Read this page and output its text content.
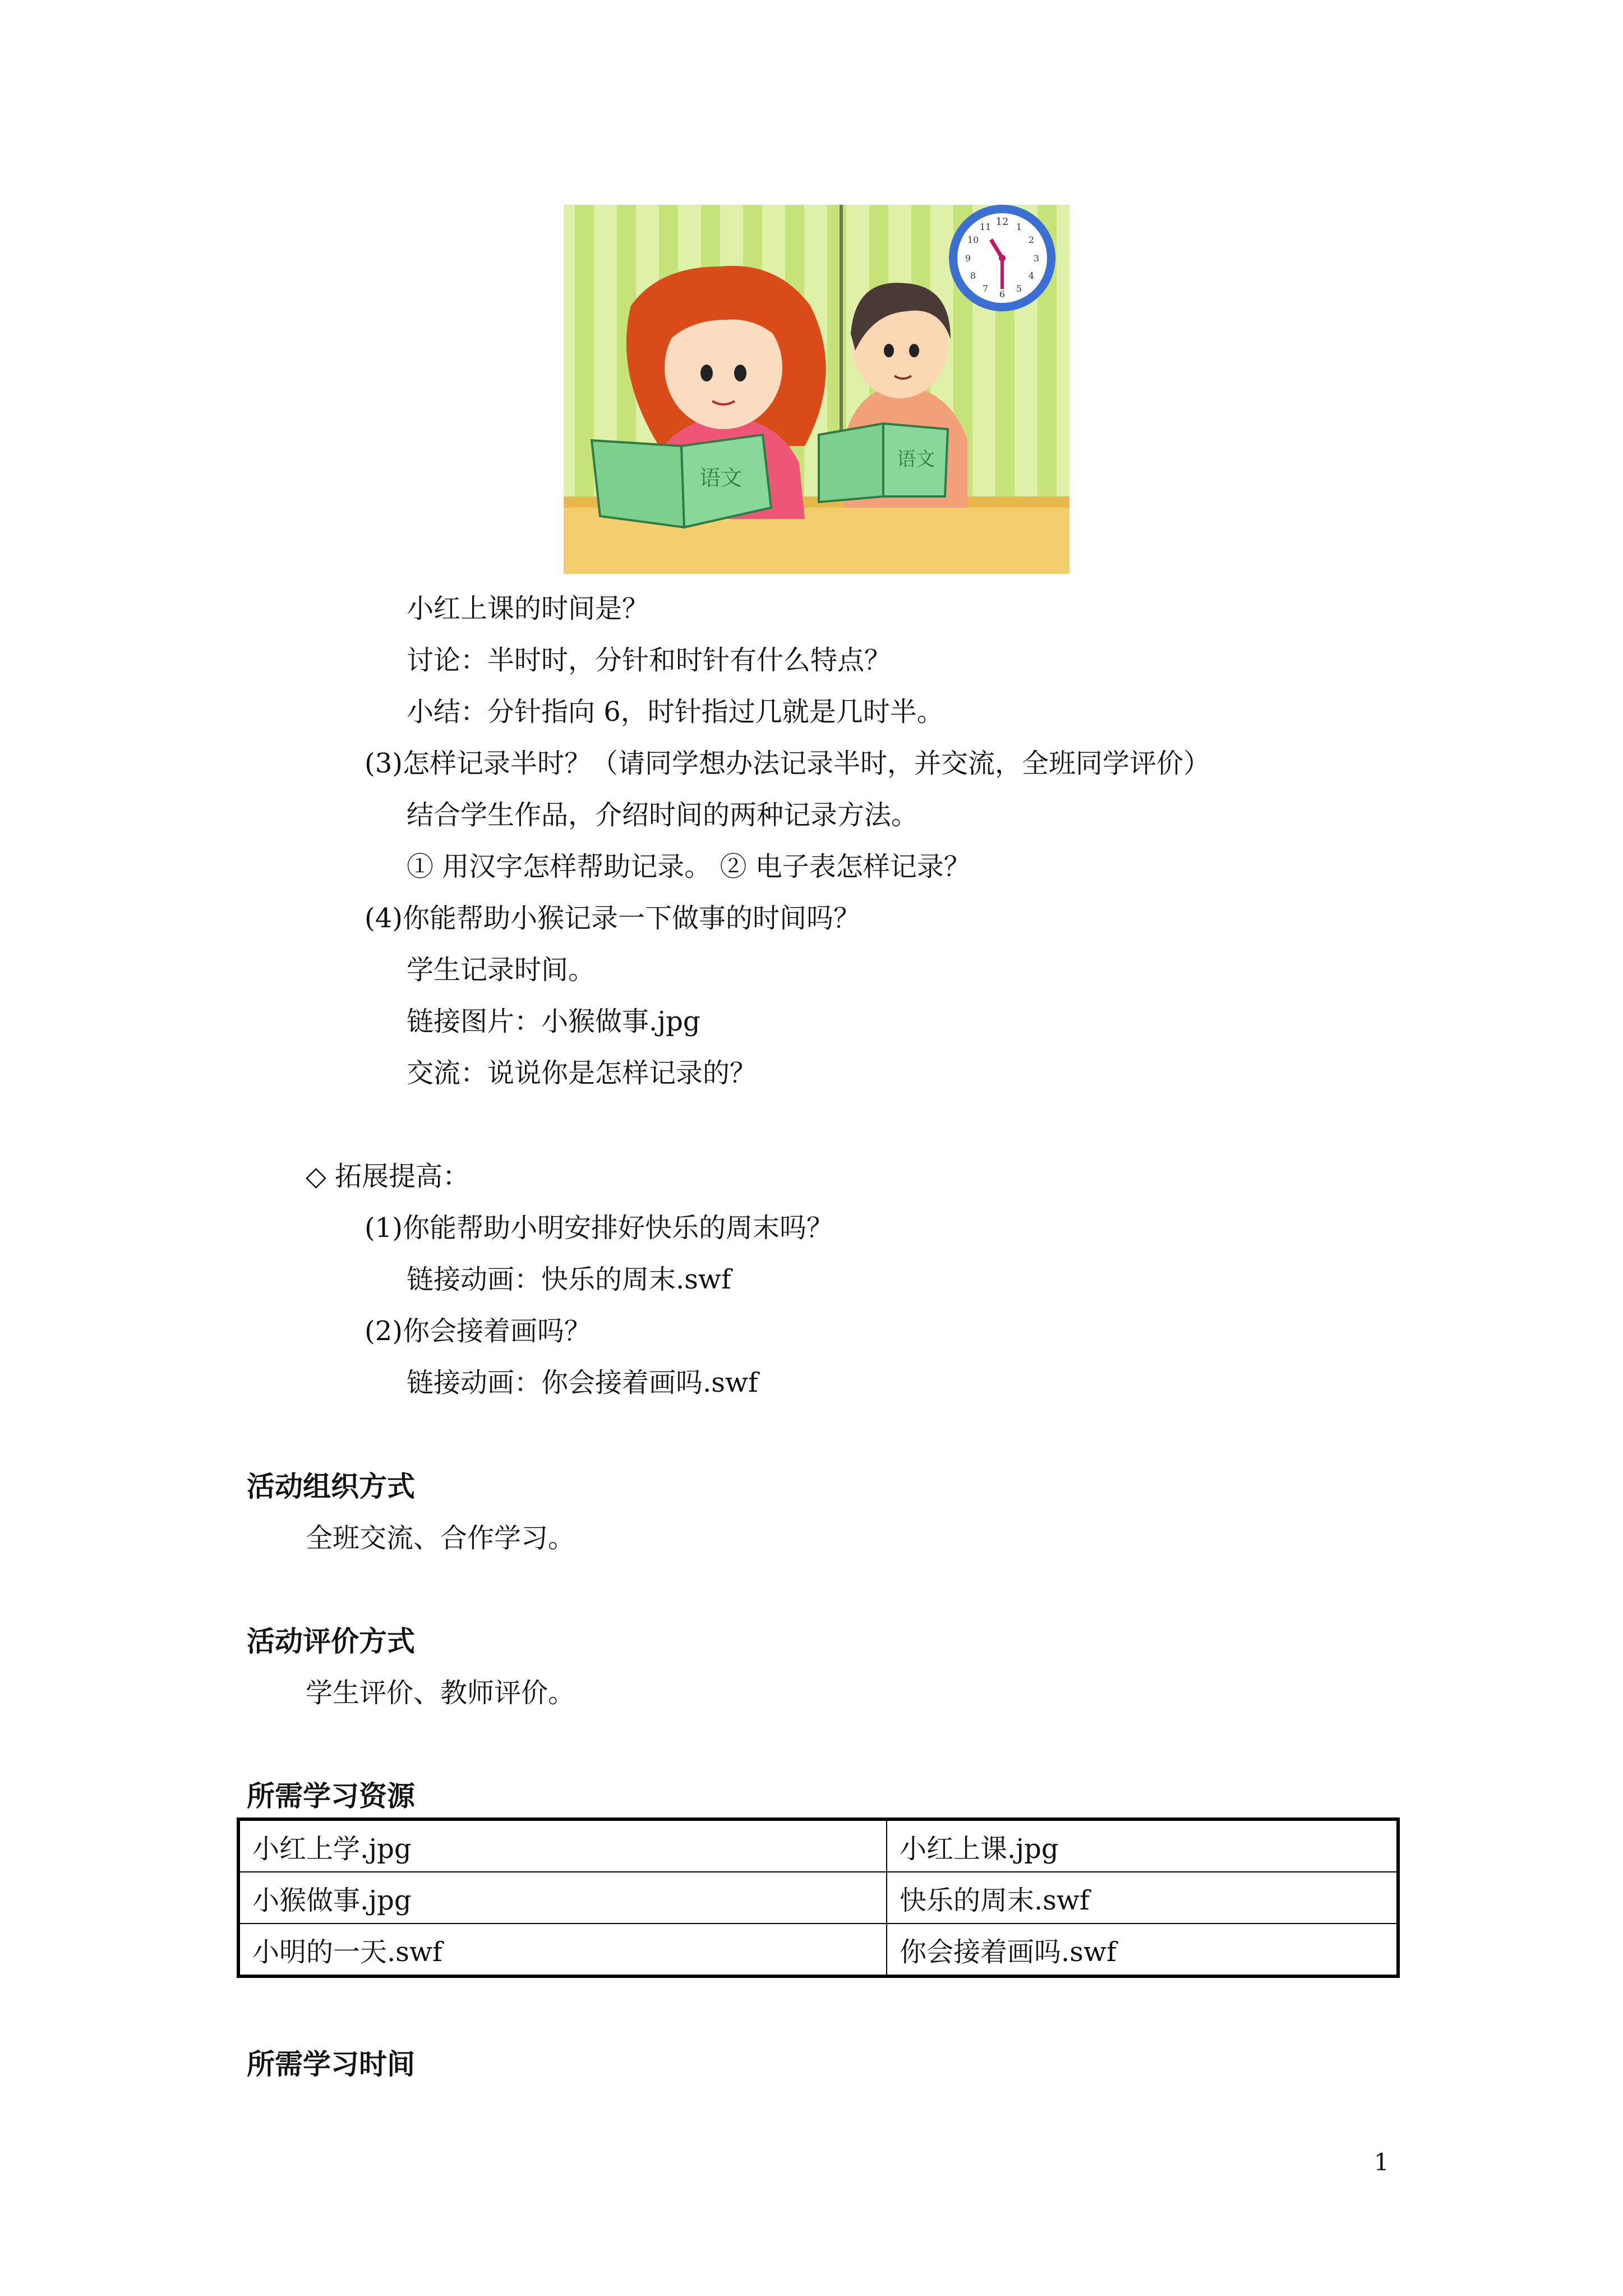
12 1
2
3
4
5
6
7
8
9
10
11
语文
语文
小红上课的时间是？
讨论：半时时，分针和时针有什么特点？
小结：分针指向 6，时针指过几就是几时半。
(3)怎样记录半时？（请同学想办法记录半时，并交流，全班同学评价）
结合学生作品，介绍时间的两种记录方法。
① 用汉字怎样帮助记录。 ② 电子表怎样记录？
(4)你能帮助小猴记录一下做事的时间吗？
学生记录时间。
链接图片：小猴做事.jpg
交流：说说你是怎样记录的？
◇ 拓展提高：
(1)你能帮助小明安排好快乐的周末吗？
链接动画：快乐的周末.swf
(2)你会接着画吗？
链接动画：你会接着画吗.swf
活动组织方式
全班交流、合作学习。
活动评价方式
学生评价、教师评价。
所需学习资源
小红上学.jpg	小红上课.jpg
小猴做事.jpg	快乐的周末.swf
小明的一天.swf	你会接着画吗.swf
所需学习时间
1
